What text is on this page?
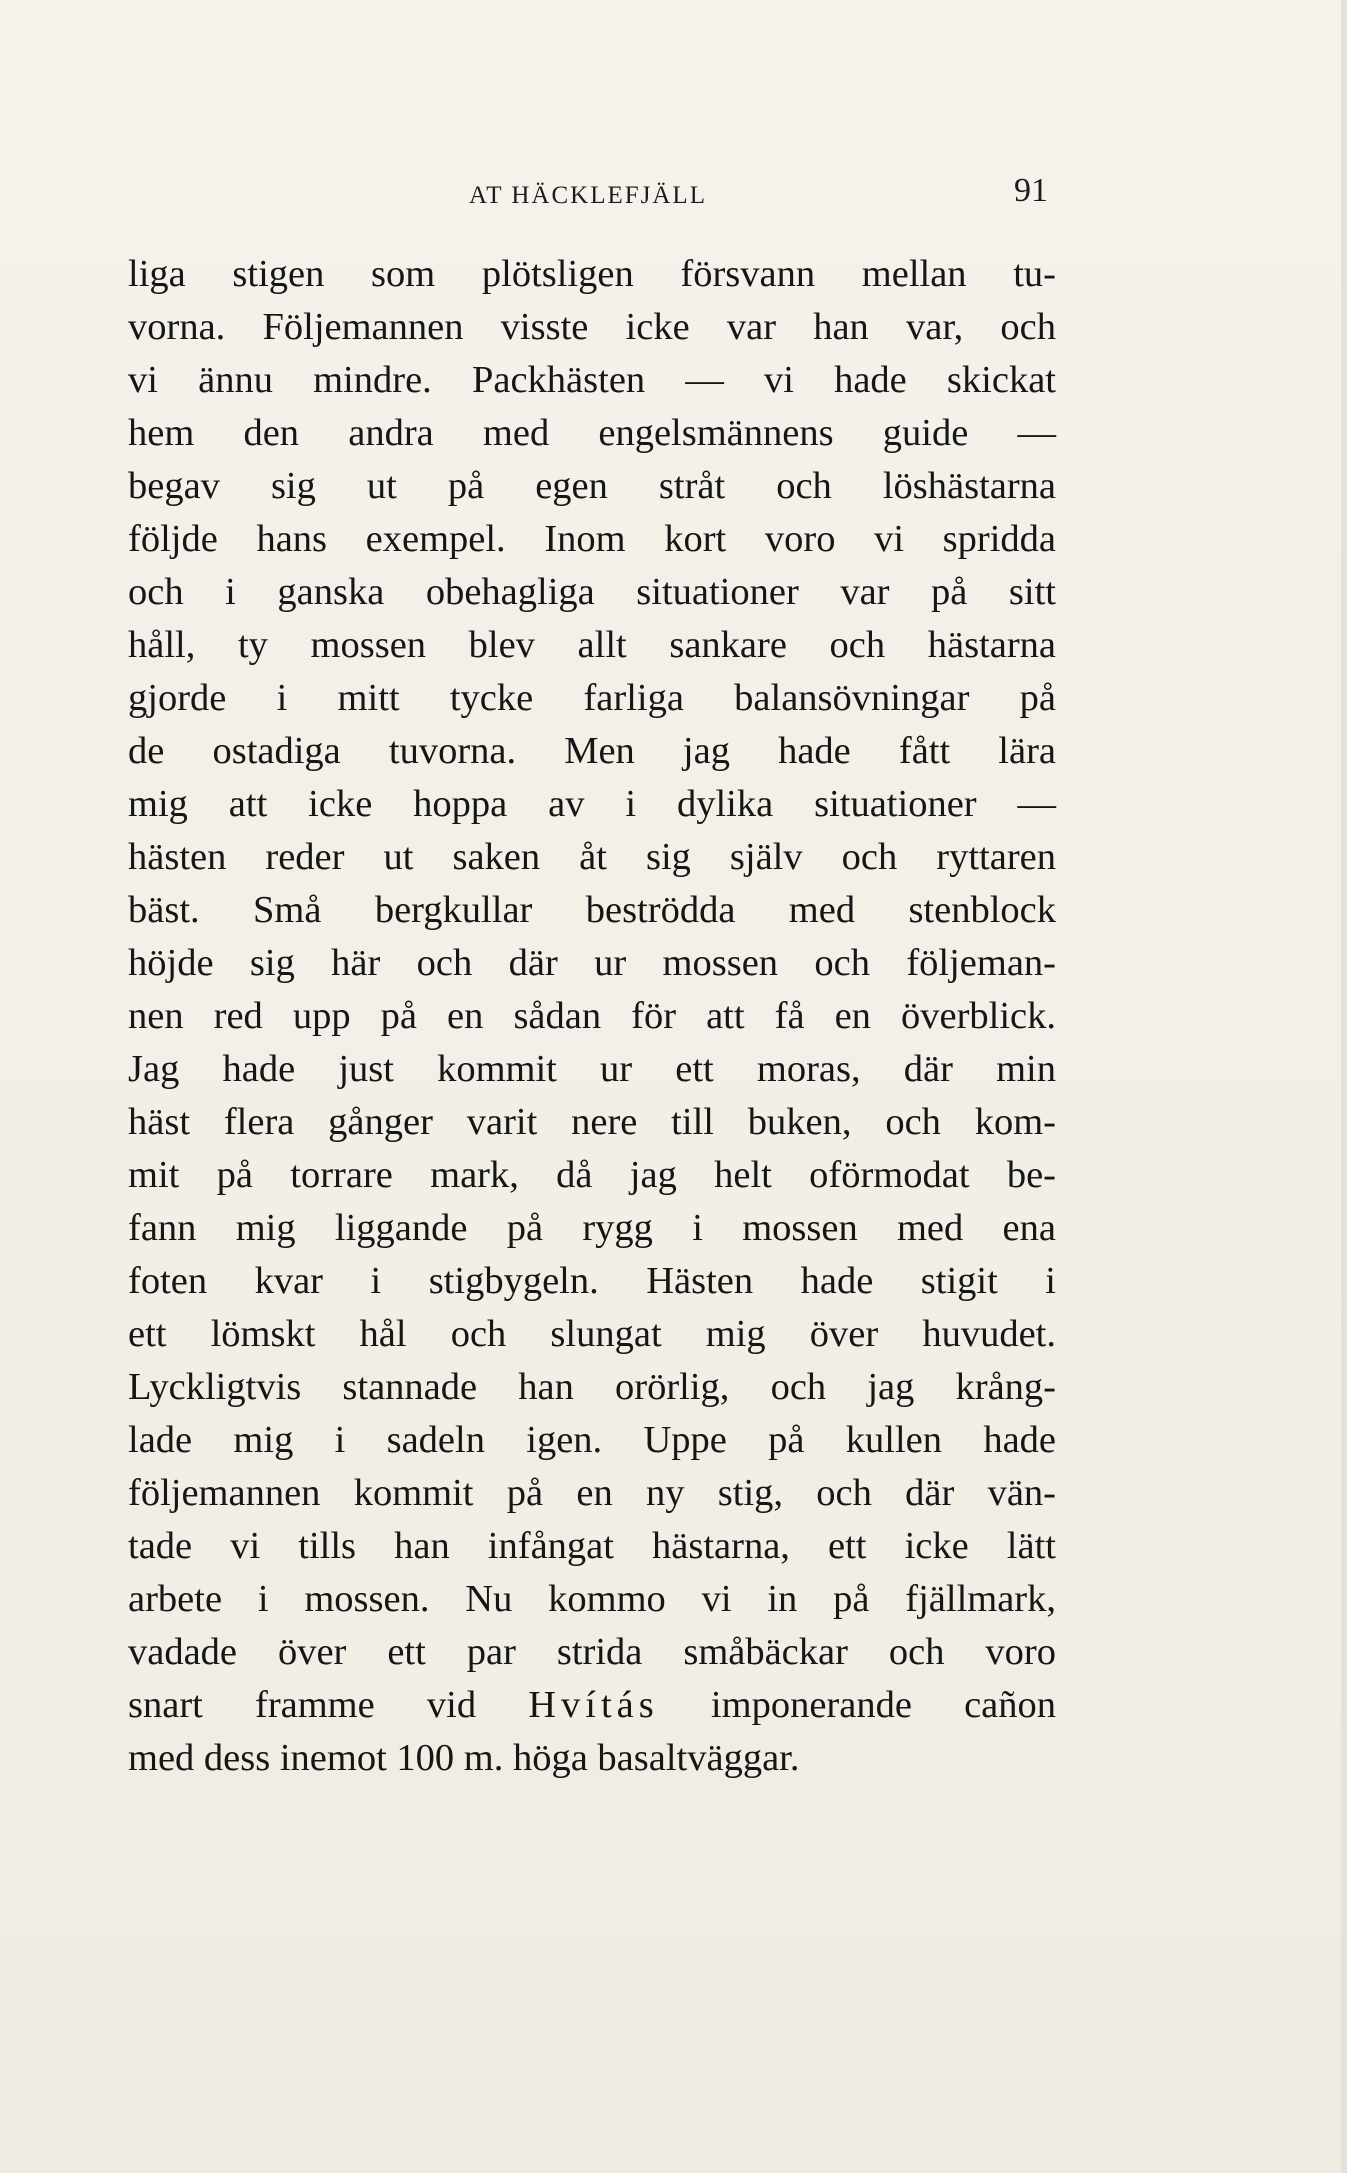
AT HÄCKLEFJÄLL	91
liga stigen som plötsligen försvann mellan tu-
vorna. Följemannen visste icke var han var, och
vi ännu mindre. Packhästen — vi hade skickat
hem den andra med engelsmännens guide —
begav sig ut på egen stråt och löshästarna
följde hans exempel. Inom kort voro vi spridda
och i ganska obehagliga situationer var på sitt
håll, ty mossen blev allt sankare och hästarna
gjorde i mitt tycke farliga balansövningar på
de ostadiga tuvorna. Men jag hade fått lära
mig att icke hoppa av i dylika situationer —
hästen reder ut saken åt sig själv och ryttaren
bäst. Små bergkullar beströdda med stenblock
höjde sig här och där ur mossen och följeman-
nen red upp på en sådan för att få en överblick.
Jag hade just kommit ur ett moras, där min
häst flera gånger varit nere till buken, och kom-
mit på torrare mark, då jag helt oförmodat be-
fann mig liggande på rygg i mossen med ena
foten kvar i stigbygeln. Hästen hade stigit i
ett lömskt hål och slungat mig över huvudet.
Lyckligtvis stannade han orörlig, och jag krång-
lade mig i sadeln igen. Uppe på kullen hade
följemannen kommit på en ny stig, och där vän-
tade vi tills han infångat hästarna, ett icke lätt
arbete i mossen. Nu kommo vi in på fjällmark,
vadade över ett par strida småbäckar och voro
snart framme vid Hvítás imponerande cañon
med dess inemot 100 m. höga basaltväggar.
